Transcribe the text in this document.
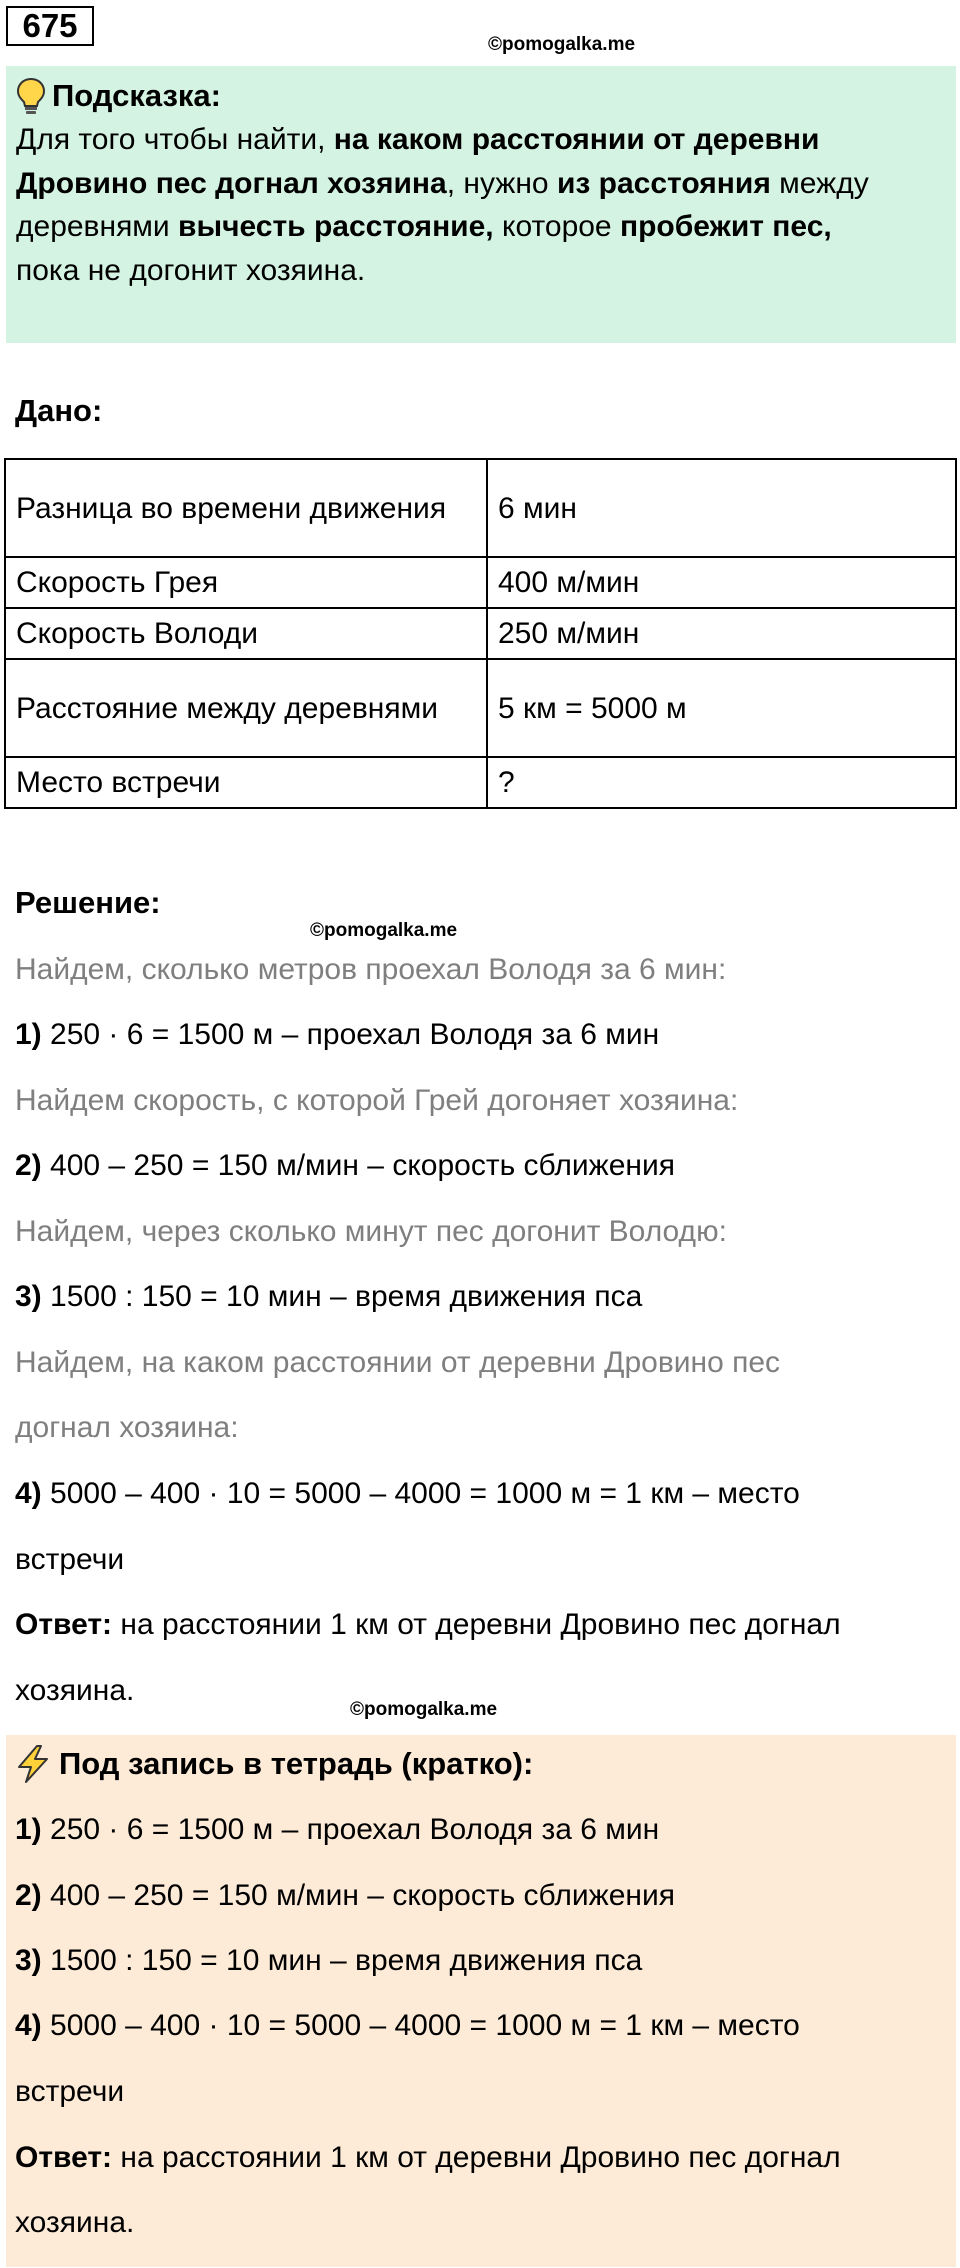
675
©pomogalka.me
Подсказка:
Для того чтобы найти, на каком расстоянии от деревни
Дровино пес догнал хозяина, нужно из расстояния между
деревнями вычесть расстояние, которое пробежит пес,
пока не догонит хозяина.
Дано:
Разница во времени движения	6 мин
Скорость Грея	400 м/мин
Скорость Володи	250 м/мин
Расстояние между деревнями	5 км = 5000 м
Место встречи	?
Решение:
©pomogalka.me
Найдем, сколько метров проехал Володя за 6 мин:
1) 250 · 6 = 1500 м – проехал Володя за 6 мин
Найдем скорость, с которой Грей догоняет хозяина:
2) 400 – 250 = 150 м/мин – скорость сближения
Найдем, через сколько минут пес догонит Володю:
3) 1500 : 150 = 10 мин – время движения пса
Найдем, на каком расстоянии от деревни Дровино пес
догнал хозяина:
4) 5000 – 400 · 10 = 5000 – 4000 = 1000 м = 1 км – место
встречи
Ответ: на расстоянии 1 км от деревни Дровино пес догнал
хозяина.
©pomogalka.me
Под запись в тетрадь (кратко):
1) 250 · 6 = 1500 м – проехал Володя за 6 мин
2) 400 – 250 = 150 м/мин – скорость сближения
3) 1500 : 150 = 10 мин – время движения пса
4) 5000 – 400 · 10 = 5000 – 4000 = 1000 м = 1 км – место
встречи
Ответ: на расстоянии 1 км от деревни Дровино пес догнал
хозяина.
